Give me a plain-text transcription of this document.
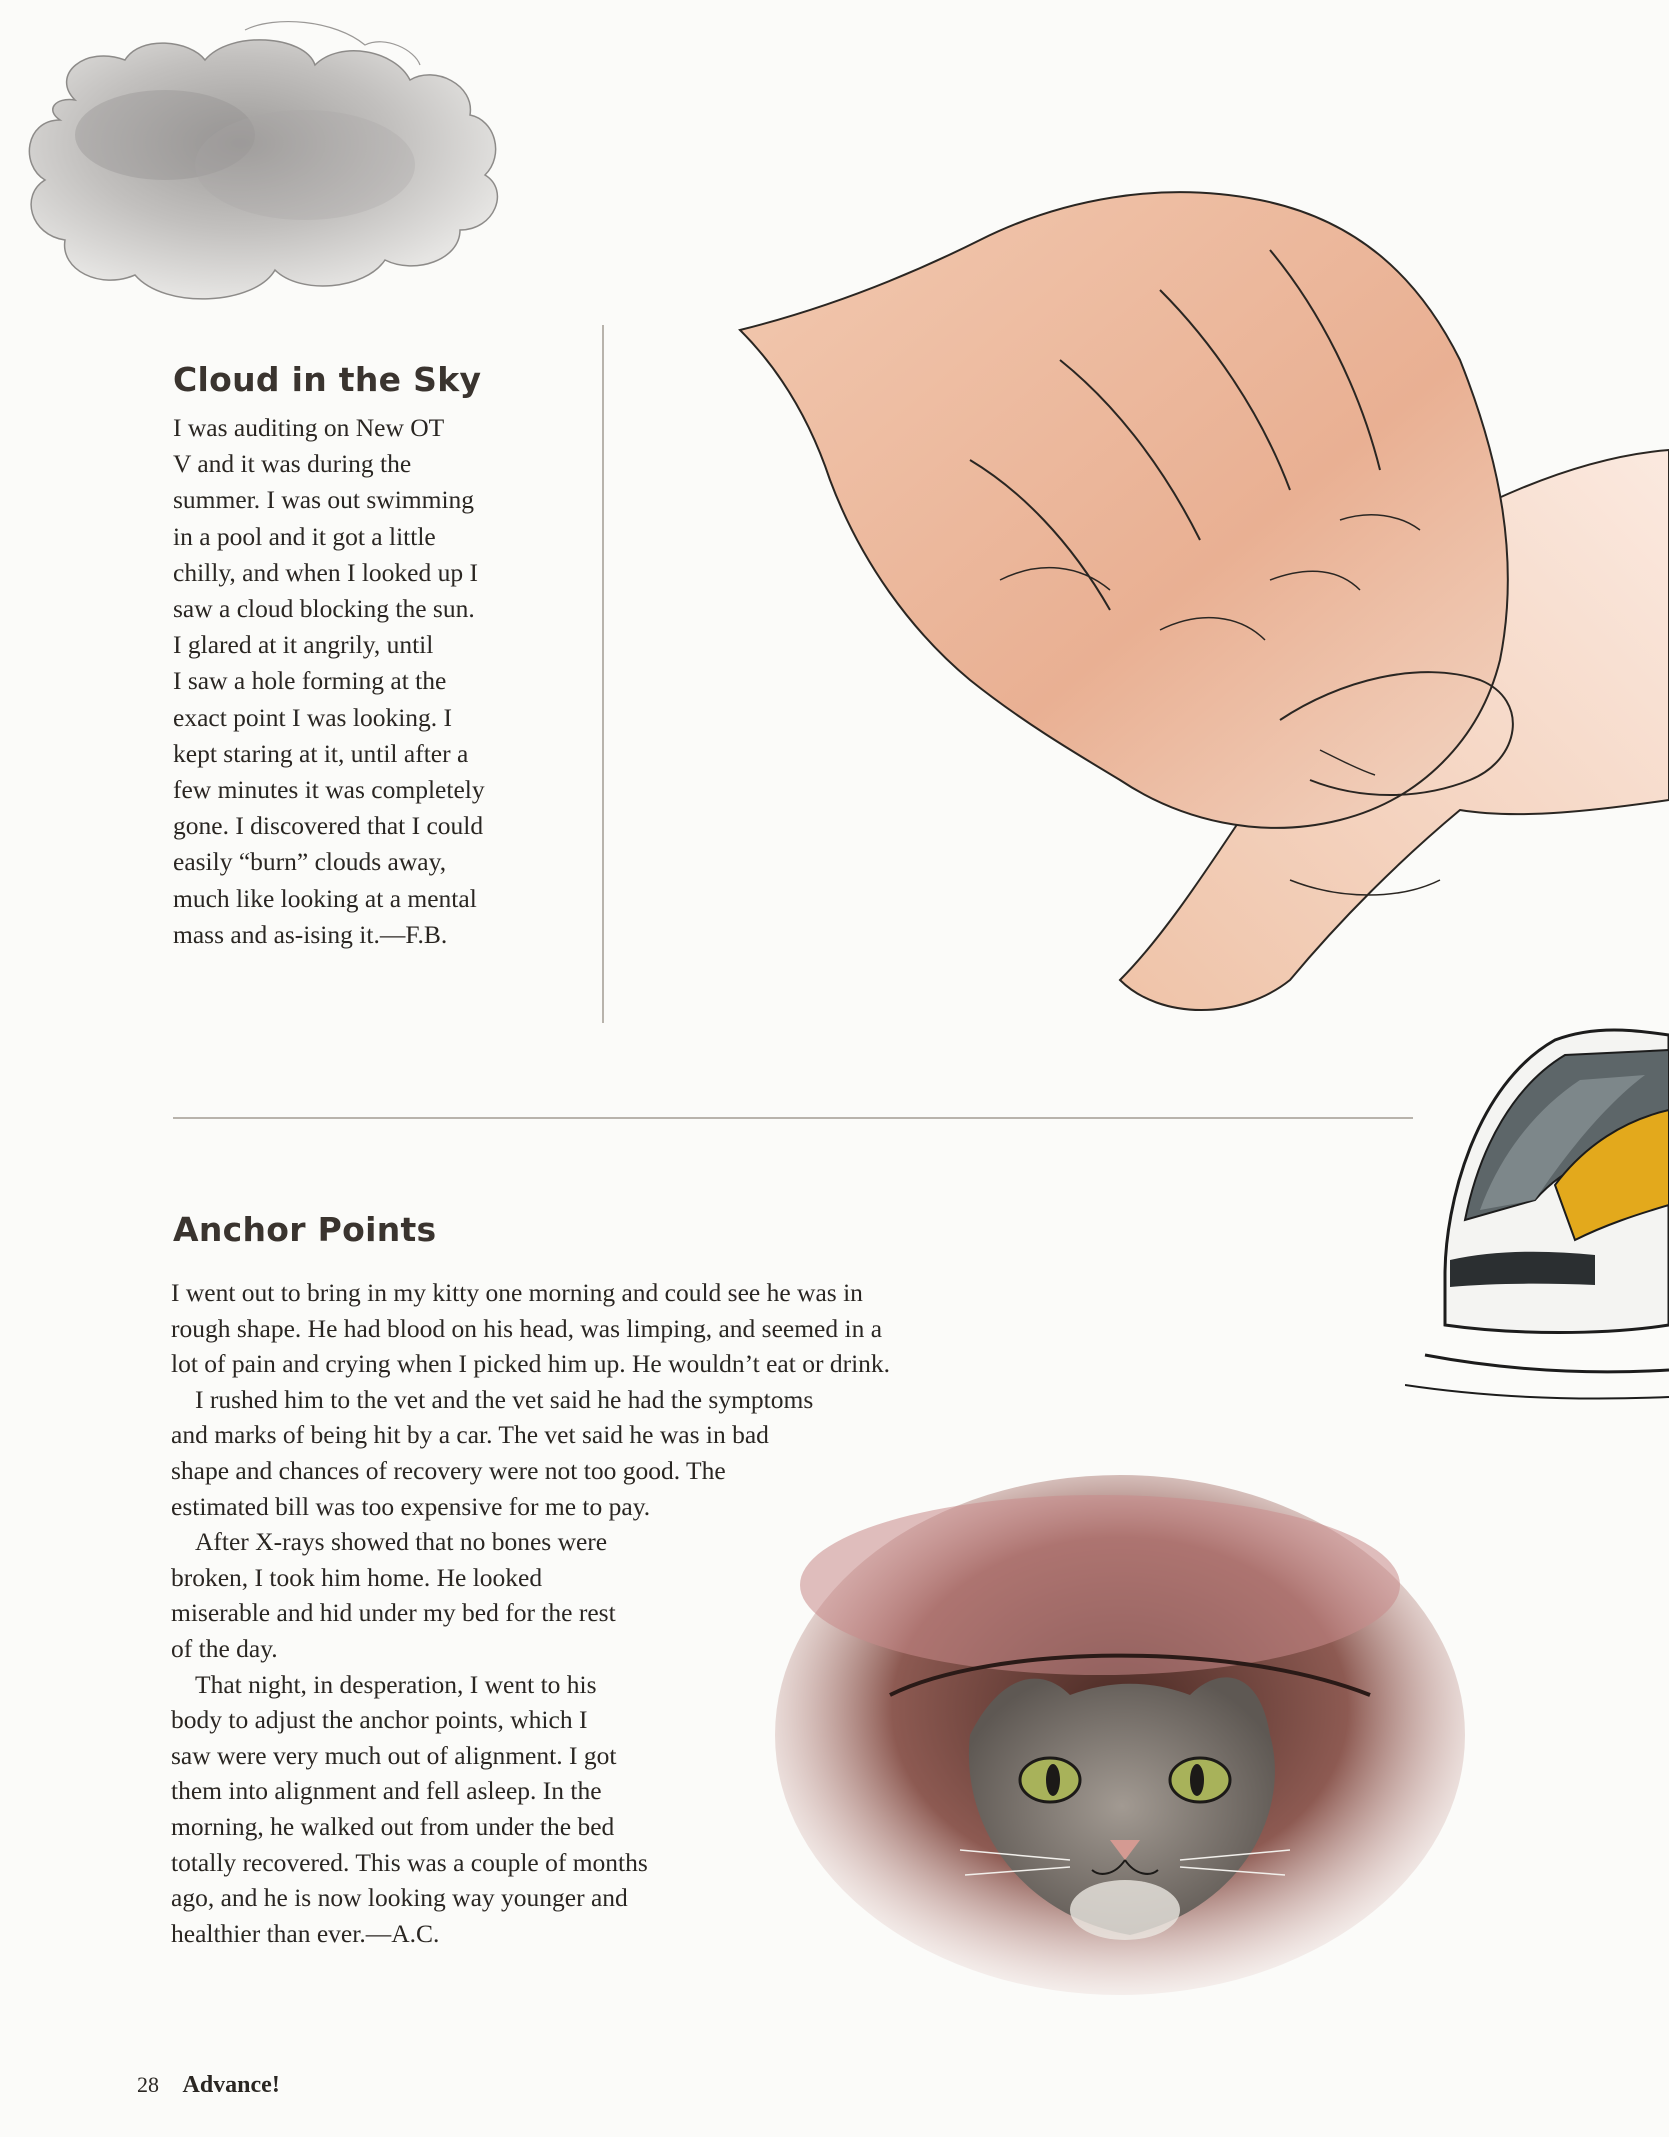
Cloud in the Sky

I was auditing on New OT
V and it was during the
summer. I was out swimming
in a pool and it got a little
chilly, and when I looked up I
saw a cloud blocking the sun.
I glared at it angrily, until
I saw a hole forming at the
exact point I was looking. I
kept staring at it, until after a
few minutes it was completely
gone. I discovered that I could
easily “burn” clouds away,
much like looking at a mental
mass and as-ising it.—F.B.

Anchor Points

I went out to bring in my kitty one morning and could see he was in
rough shape. He had blood on his head, was limping, and seemed in a
lot of pain and crying when I picked him up. He wouldn’t eat or drink.

I rushed him to the vet and the vet said he had the symptoms
and marks of being hit by a car. The vet said he was in bad
shape and chances of recovery were not too good. The
estimated bill was too expensive for me to pay.

After X-rays showed that no bones were
broken, I took him home. He looked
miserable and hid under my bed for the rest
of the day.

That night, in desperation, I went to his
body to adjust the anchor points, which I
saw were very much out of alignment. I got
them into alignment and fell asleep. In the
morning, he walked out from under the bed
totally recovered. This was a couple of months
ago, and he is now looking way younger and
healthier than ever.—A.C.

28 Advance!
